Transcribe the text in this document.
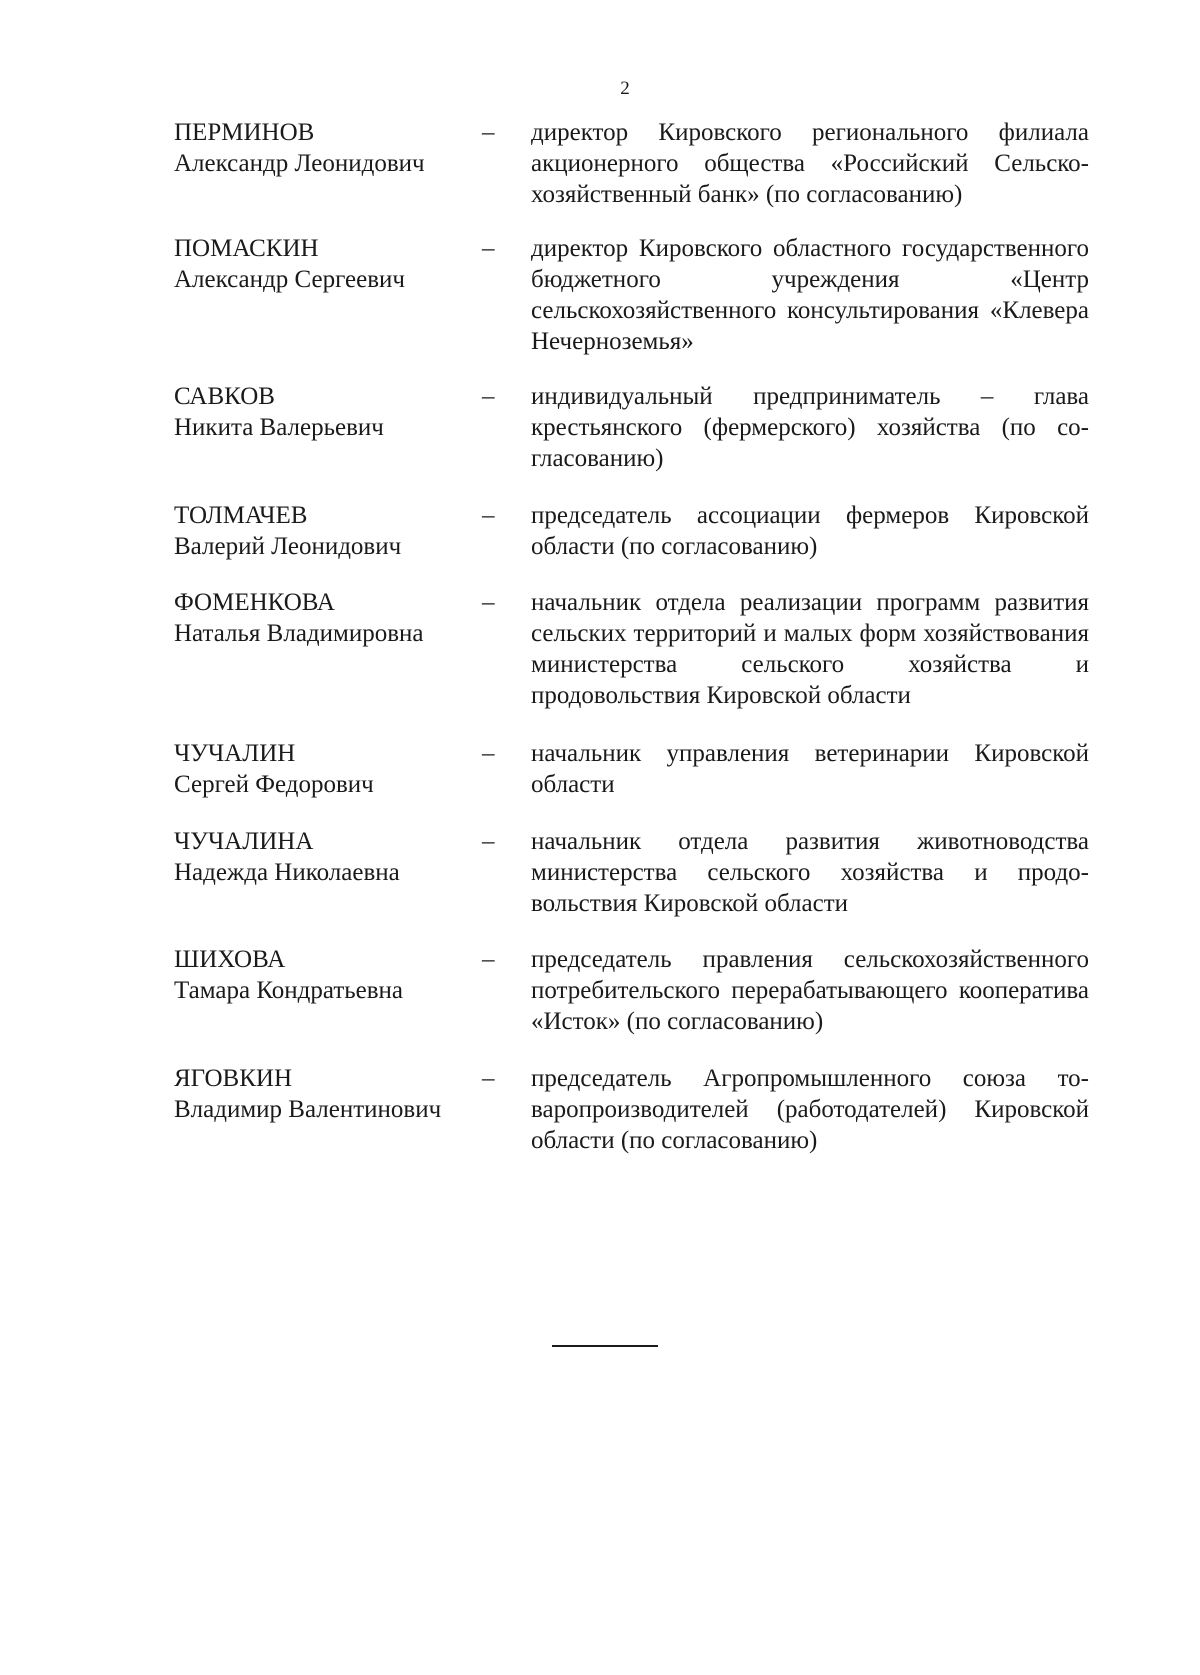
2
ПЕРМИНОВ
Александр Леонидович
–	директор Кировского регионального филиала акционерного общества «Российский Сельскохозяйственный банк» (по согласованию)
ПОМАСКИН
Александр Сергеевич
–	директор Кировского областного государственного бюджетного учреждения «Центр сельскохозяйственного консультирования «Клевера Нечерноземья»
САВКОВ
Никита Валерьевич
–	индивидуальный предприниматель – глава крестьянского (фермерского) хозяйства (по согласованию)
ТОЛМАЧЕВ
Валерий Леонидович
–	председатель ассоциации фермеров Кировской области (по согласованию)
ФОМЕНКОВА
Наталья Владимировна
–	начальник отдела реализации программ развития сельских территорий и малых форм хозяйствования министерства сельского хозяйства и продовольствия Кировской области
ЧУЧАЛИН
Сергей Федорович
–	начальник управления ветеринарии Кировской области
ЧУЧАЛИНА
Надежда Николаевна
–	начальник отдела развития животноводства министерства сельского хозяйства и продовольствия Кировской области
ШИХОВА
Тамара Кондратьевна
–	председатель правления сельскохозяйственного потребительского перерабатывающего кооператива «Исток» (по согласованию)
ЯГОВКИН
Владимир Валентинович
–	председатель Агропромышленного союза товаропроизводителей (работодателей) Кировской области (по согласованию)
